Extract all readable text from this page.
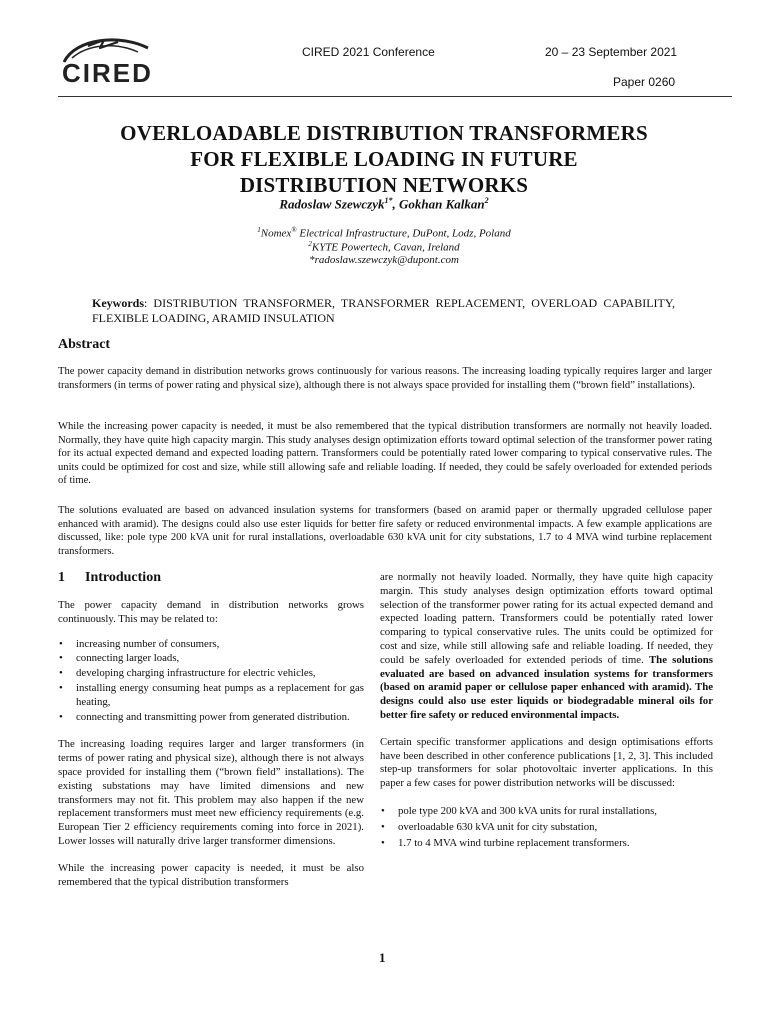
CIRED
CIRED 2021 Conference	20 – 23 September 2021
Paper 0260
OVERLOADABLE DISTRIBUTION TRANSFORMERS
FOR FLEXIBLE LOADING IN FUTURE
DISTRIBUTION NETWORKS
Radoslaw Szewczyk$^{1*}$, Gokhan Kalkan$^2$
$^1$Nomex® Electrical Infrastructure, DuPont, Lodz, Poland
$^2$KYTE Powertech, Cavan, Ireland
*radoslaw.szewczyk@dupont.com
Keywords: DISTRIBUTION TRANSFORMER, TRANSFORMER REPLACEMENT, OVERLOAD CAPABILITY, FLEXIBLE LOADING, ARAMID INSULATION
Abstract
The power capacity demand in distribution networks grows continuously for various reasons. The increasing loading typically requires larger and larger transformers (in terms of power rating and physical size), although there is not always space provided for installing them (“brown field” installations).
While the increasing power capacity is needed, it must be also remembered that the typical distribution transformers are normally not heavily loaded. Normally, they have quite high capacity margin. This study analyses design optimization efforts toward optimal selection of the transformer power rating for its actual expected demand and expected loading pattern. Transformers could be potentially rated lower comparing to typical conservative rules. The units could be optimized for cost and size, while still allowing safe and reliable loading. If needed, they could be safely overloaded for extended periods of time.
The solutions evaluated are based on advanced insulation systems for transformers (based on aramid paper or thermally upgraded cellulose paper enhanced with aramid). The designs could also use ester liquids for better fire safety or reduced environmental impacts. A few example applications are discussed, like: pole type 200 kVA unit for rural installations, overloadable 630 kVA unit for city substations, 1.7 to 4 MVA wind turbine replacement transformers.
1 Introduction
The power capacity demand in distribution networks grows continuously. This may be related to:
• increasing number of consumers,
• connecting larger loads,
• developing charging infrastructure for electric vehicles,
• installing energy consuming heat pumps as a replacement for gas heating,
• connecting and transmitting power from generated distribution.
The increasing loading requires larger and larger transformers (in terms of power rating and physical size), although there is not always space provided for installing them (“brown field” installations). The existing substations may have limited dimensions and new transformers may not fit. This problem may also happen if the new replacement transformers must meet new efficiency requirements (e.g. European Tier 2 efficiency requirements coming into force in 2021). Lower losses will naturally drive larger transformer dimensions.
While the increasing power capacity is needed, it must be also remembered that the typical distribution transformers
are normally not heavily loaded. Normally, they have quite high capacity margin. This study analyses design optimization efforts toward optimal selection of the transformer power rating for its actual expected demand and expected loading pattern. Transformers could be potentially rated lower comparing to typical conservative rules. The units could be optimized for cost and size, while still allowing safe and reliable loading. If needed, they could be safely overloaded for extended periods of time. The solutions evaluated are based on advanced insulation systems for transformers (based on aramid paper or cellulose paper enhanced with aramid). The designs could also use ester liquids or biodegradable mineral oils for better fire safety or reduced environmental impacts.
Certain specific transformer applications and design optimisations efforts have been described in other conference publications [1, 2, 3]. This included step-up transformers for solar photovoltaic inverter applications. In this paper a few cases for power distribution networks will be discussed:
• pole type 200 kVA and 300 kVA units for rural installations,
• overloadable 630 kVA unit for city substation,
• 1.7 to 4 MVA wind turbine replacement transformers.
1
